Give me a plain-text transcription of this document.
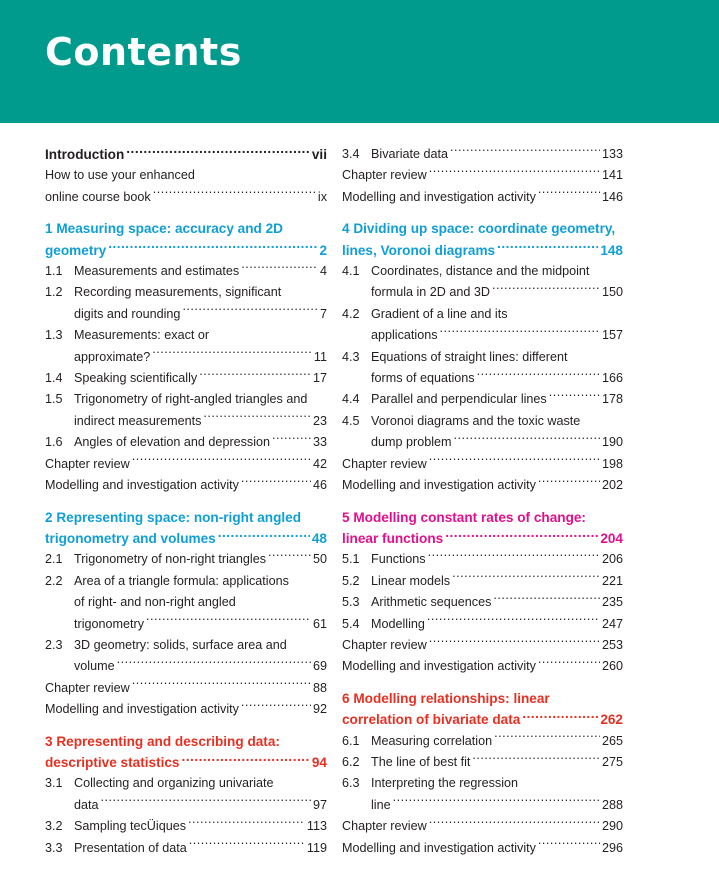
Contents
Introduction .....	vii
How to use your enhanced
online course book .....	ix
1 Measuring space: accuracy and 2D
geometry .....	2
1.1 Measurements and estimates .....	4
1.2 Recording measurements, significant
digits and rounding .....	7
1.3 Measurements: exact or
approximate? .....	11
1.4 Speaking scientifically .....	17
1.5 Trigonometry of right-angled triangles and
indirect measurements .....	23
1.6 Angles of elevation and depression .....	33
Chapter review .....	42
Modelling and investigation activity .....	46
2 Representing space: non-right angled
trigonometry and volumes .....	48
2.1 Trigonometry of non-right triangles .....	50
2.2 Area of a triangle formula: applications
of right- and non-right angled
trigonometry .....	61
2.3 3D geometry: solids, surface area and
volume .....	69
Chapter review .....	88
Modelling and investigation activity .....	92
3 Representing and describing data:
descriptive statistics .....	94
3.1 Collecting and organizing univariate
data .....	97
3.2 Sampling tecÜiques .....	113
3.3 Presentation of data .....	119
3.4 Bivariate data .....	133
Chapter review .....	141
Modelling and investigation activity .....	146
4 Dividing up space: coordinate geometry,
lines, Voronoi diagrams .....	148
4.1 Coordinates, distance and the midpoint
formula in 2D and 3D .....	150
4.2 Gradient of a line and its
applications .....	157
4.3 Equations of straight lines: different
forms of equations .....	166
4.4 Parallel and perpendicular lines .....	178
4.5 Voronoi diagrams and the toxic waste
dump problem .....	190
Chapter review .....	198
Modelling and investigation activity .....	202
5 Modelling constant rates of change:
linear functions .....	204
5.1 Functions .....	206
5.2 Linear models .....	221
5.3 Arithmetic sequences .....	235
5.4 Modelling .....	247
Chapter review .....	253
Modelling and investigation activity .....	260
6 Modelling relationships: linear
correlation of bivariate data .....	262
6.1 Measuring correlation .....	265
6.2 The line of best fit .....	275
6.3 Interpreting the regression
line .....	288
Chapter review .....	290
Modelling and investigation activity .....	296
